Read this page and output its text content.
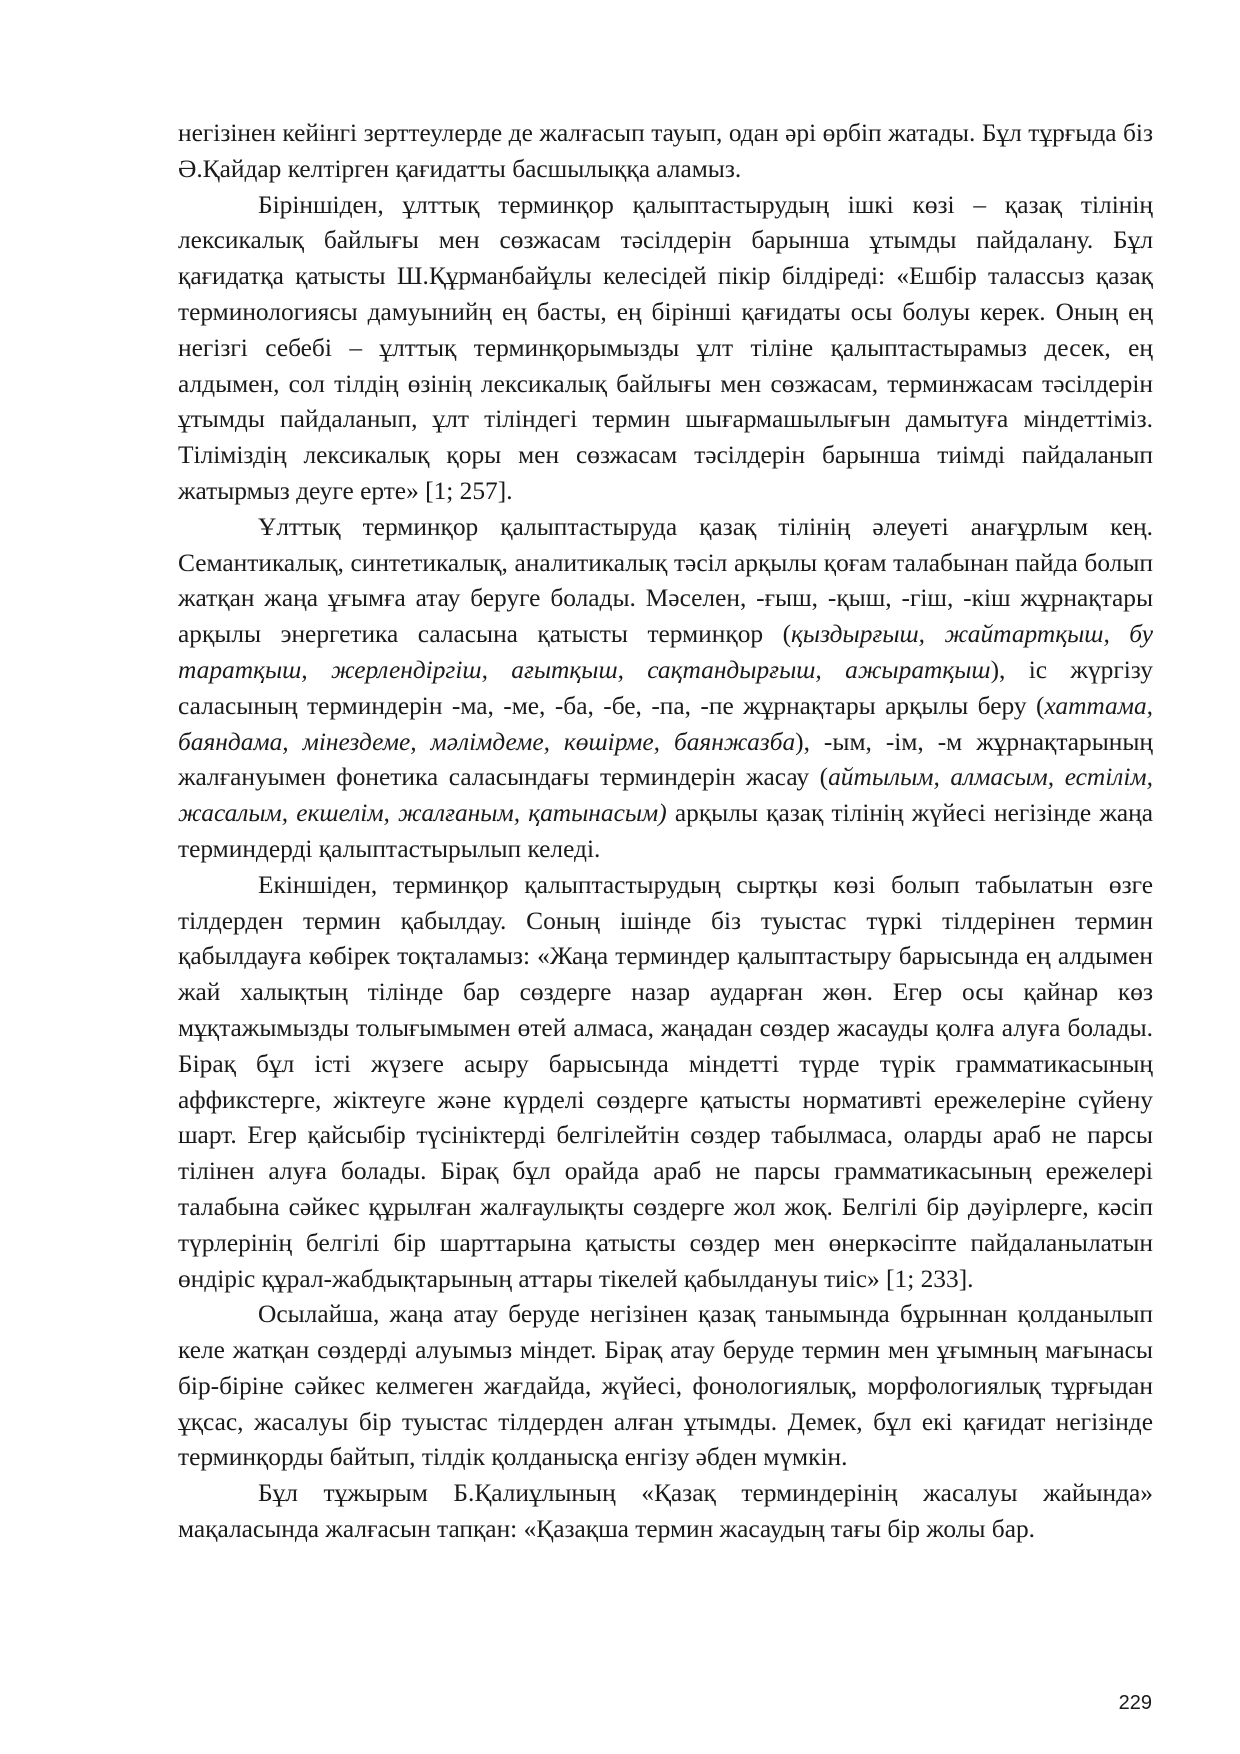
негізінен кейінгі зерттеулерде де жалғасып тауып, одан әрі өрбіп жатады. Бұл тұрғыда біз Ә.Қайдар келтірген қағидатты басшылыққа аламыз.

Біріншіден, ұлттық терминқор қалыптастырудың ішкі көзі – қазақ тілінің лексикалық байлығы мен сөзжасам тәсілдерін барынша ұтымды пайдалану. Бұл қағидатқа қатысты Ш.Құрманбайұлы келесідей пікір білдіреді: «Ешбір талассыз қазақ терминологиясы дамуынийң ең басты, ең бірінші қағидаты осы болуы керек. Оның ең негізгі себебі – ұлттық терминқорымызды ұлт тіліне қалыптастырамыз десек, ең алдымен, сол тілдің өзінің лексикалық байлығы мен сөзжасам, терминжасам тәсілдерін ұтымды пайдаланып, ұлт тіліндегі термин шығармашылығын дамытуға міндеттіміз. Тіліміздің лексикалық қоры мен сөзжасам тәсілдерін барынша тиімді пайдаланып жатырмыз деуге ерте» [1; 257].

Ұлттық терминқор қалыптастыруда қазақ тілінің әлеуеті анағұрлым кең. Семантикалық, синтетикалық, аналитикалық тәсіл арқылы қоғам талабынан пайда болып жатқан жаңа ұғымға атау беруге болады. Мәселен, -ғыш, -қыш, -гіш, -кіш жұрнақтары арқылы энергетика саласына қатысты терминқор (қыздырғыш, жайтартқыш, бу таратқыш, жерлендіргіш, ағытқыш, сақтандырғыш, ажыратқыш), іс жүргізу саласының терминдерін -ма, -ме, -ба, -бе, -па, -пе жұрнақтары арқылы беру (хаттама, баяндама, мінездеме, мәлімдеме, көшірме, баянжазба), -ым, -ім, -м жұрнақтарының жалғануымен фонетика саласындағы терминдерін жасау (айтылым, алмасым, естілім, жасалым, екшелім, жалғаным, қатынасым) арқылы қазақ тілінің жүйесі негізінде жаңа терминдерді қалыптастырылып келеді.

Екіншіден, терминқор қалыптастырудың сыртқы көзі болып табылатын өзге тілдерден термин қабылдау. Соның ішінде біз туыстас түркі тілдерінен термин қабылдауға көбірек тоқталамыз: «Жаңа терминдер қалыптастыру барысында ең алдымен жай халықтың тілінде бар сөздерге назар аударған жөн. Егер осы қайнар көз мұқтажымызды толығымымен өтей алмаса, жаңадан сөздер жасауды қолға алуға болады. Бірақ бұл істі жүзеге асыру барысында міндетті түрде түрік грамматикасының аффикстерге, жіктеуге және күрделі сөздерге қатысты нормативті ережелеріне сүйену шарт. Егер қайсыбір түсініктерді белгілейтін сөздер табылмаса, оларды араб не парсы тілінен алуға болады. Бірақ бұл орайда араб не парсы грамматикасының ережелері талабына сәйкес құрылған жалғаулықты сөздерге жол жоқ. Белгілі бір дәуірлерге, кәсіп түрлерінің белгілі бір шарттарына қатысты сөздер мен өнеркәсіпте пайдаланылатын өндіріс құрал-жабдықтарының аттары тікелей қабылдануы тиіс» [1; 233].

Осылайша, жаңа атау беруде негізінен қазақ танымында бұрыннан қолданылып келе жатқан сөздерді алуымыз міндет. Бірақ атау беруде термин мен ұғымның мағынасы бір-біріне сәйкес келмеген жағдайда, жүйесі, фонологиялық, морфологиялық тұрғыдан ұқсас, жасалуы бір туыстас тілдерден алған ұтымды. Демек, бұл екі қағидат негізінде терминқорды байтып, тілдік қолданысқа енгізу әбден мүмкін.

Бұл тұжырым Б.Қалиұлының «Қазақ терминдерінің жасалуы жайында» мақаласында жалғасын тапқан: «Қазақша термин жасаудың тағы бір жолы бар.

229
